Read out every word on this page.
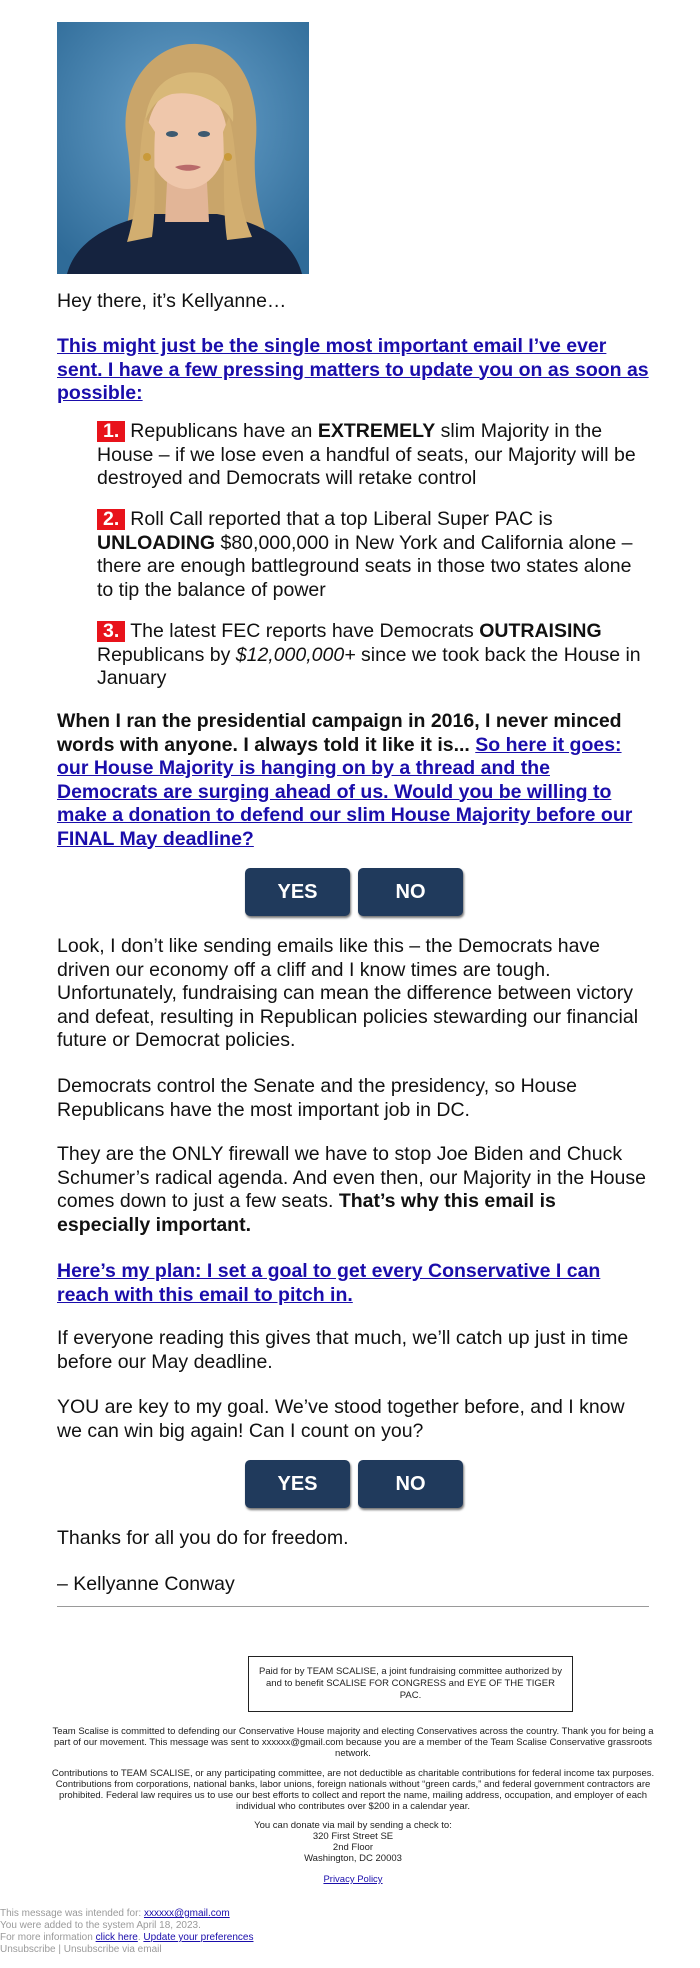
Hey there, it’s Kellyanne…

This might just be the single most important email I’ve ever sent. I have a few pressing matters to update you on as soon as possible:
1. Republicans have an EXTREMELY slim Majority in the House – if we lose even a handful of seats, our Majority will be destroyed and Democrats will retake control
2. Roll Call reported that a top Liberal Super PAC is UNLOADING $80,000,000 in New York and California alone – there are enough battleground seats in those two states alone to tip the balance of power
3. The latest FEC reports have Democrats OUTRAISING Republicans by $12,000,000+ since we took back the House in January

When I ran the presidential campaign in 2016, I never minced words with anyone. I always told it like it is... So here it goes: our House Majority is hanging on by a thread and the Democrats are surging ahead of us. Would you be willing to make a donation to defend our slim House Majority before our FINAL May deadline?

YES	NO

Look, I don’t like sending emails like this – the Democrats have driven our economy off a cliff and I know times are tough. Unfortunately, fundraising can mean the difference between victory and defeat, resulting in Republican policies stewarding our financial future or Democrat policies.

Democrats control the Senate and the presidency, so House Republicans have the most important job in DC.

They are the ONLY firewall we have to stop Joe Biden and Chuck Schumer’s radical agenda. And even then, our Majority in the House comes down to just a few seats. That’s why this email is especially important.

Here’s my plan: I set a goal to get every Conservative I can reach with this email to pitch in.

If everyone reading this gives that much, we’ll catch up just in time before our May deadline.

YOU are key to my goal. We’ve stood together before, and I know we can win big again! Can I count on you?

YES	NO

Thanks for all you do for freedom.

– Kellyanne Conway

Paid for by TEAM SCALISE, a joint fundraising committee authorized by and to benefit SCALISE FOR CONGRESS and EYE OF THE TIGER PAC.
Team Scalise is committed to defending our Conservative House majority and electing Conservatives across the country. Thank you for being a part of our movement. This message was sent to xxxxxx@gmail.com because you are a member of the Team Scalise Conservative grassroots network.
Contributions to TEAM SCALISE, or any participating committee, are not deductible as charitable contributions for federal income tax purposes. Contributions from corporations, national banks, labor unions, foreign nationals without “green cards,” and federal government contractors are prohibited. Federal law requires us to use our best efforts to collect and report the name, mailing address, occupation, and employer of each individual who contributes over $200 in a calendar year.
You can donate via mail by sending a check to:
320 First Street SE
2nd Floor
Washington, DC 20003
Privacy Policy
This message was intended for: xxxxxx@gmail.com
You were added to the system April 18, 2023.
For more information click here. Update your preferences
Unsubscribe | Unsubscribe via email
